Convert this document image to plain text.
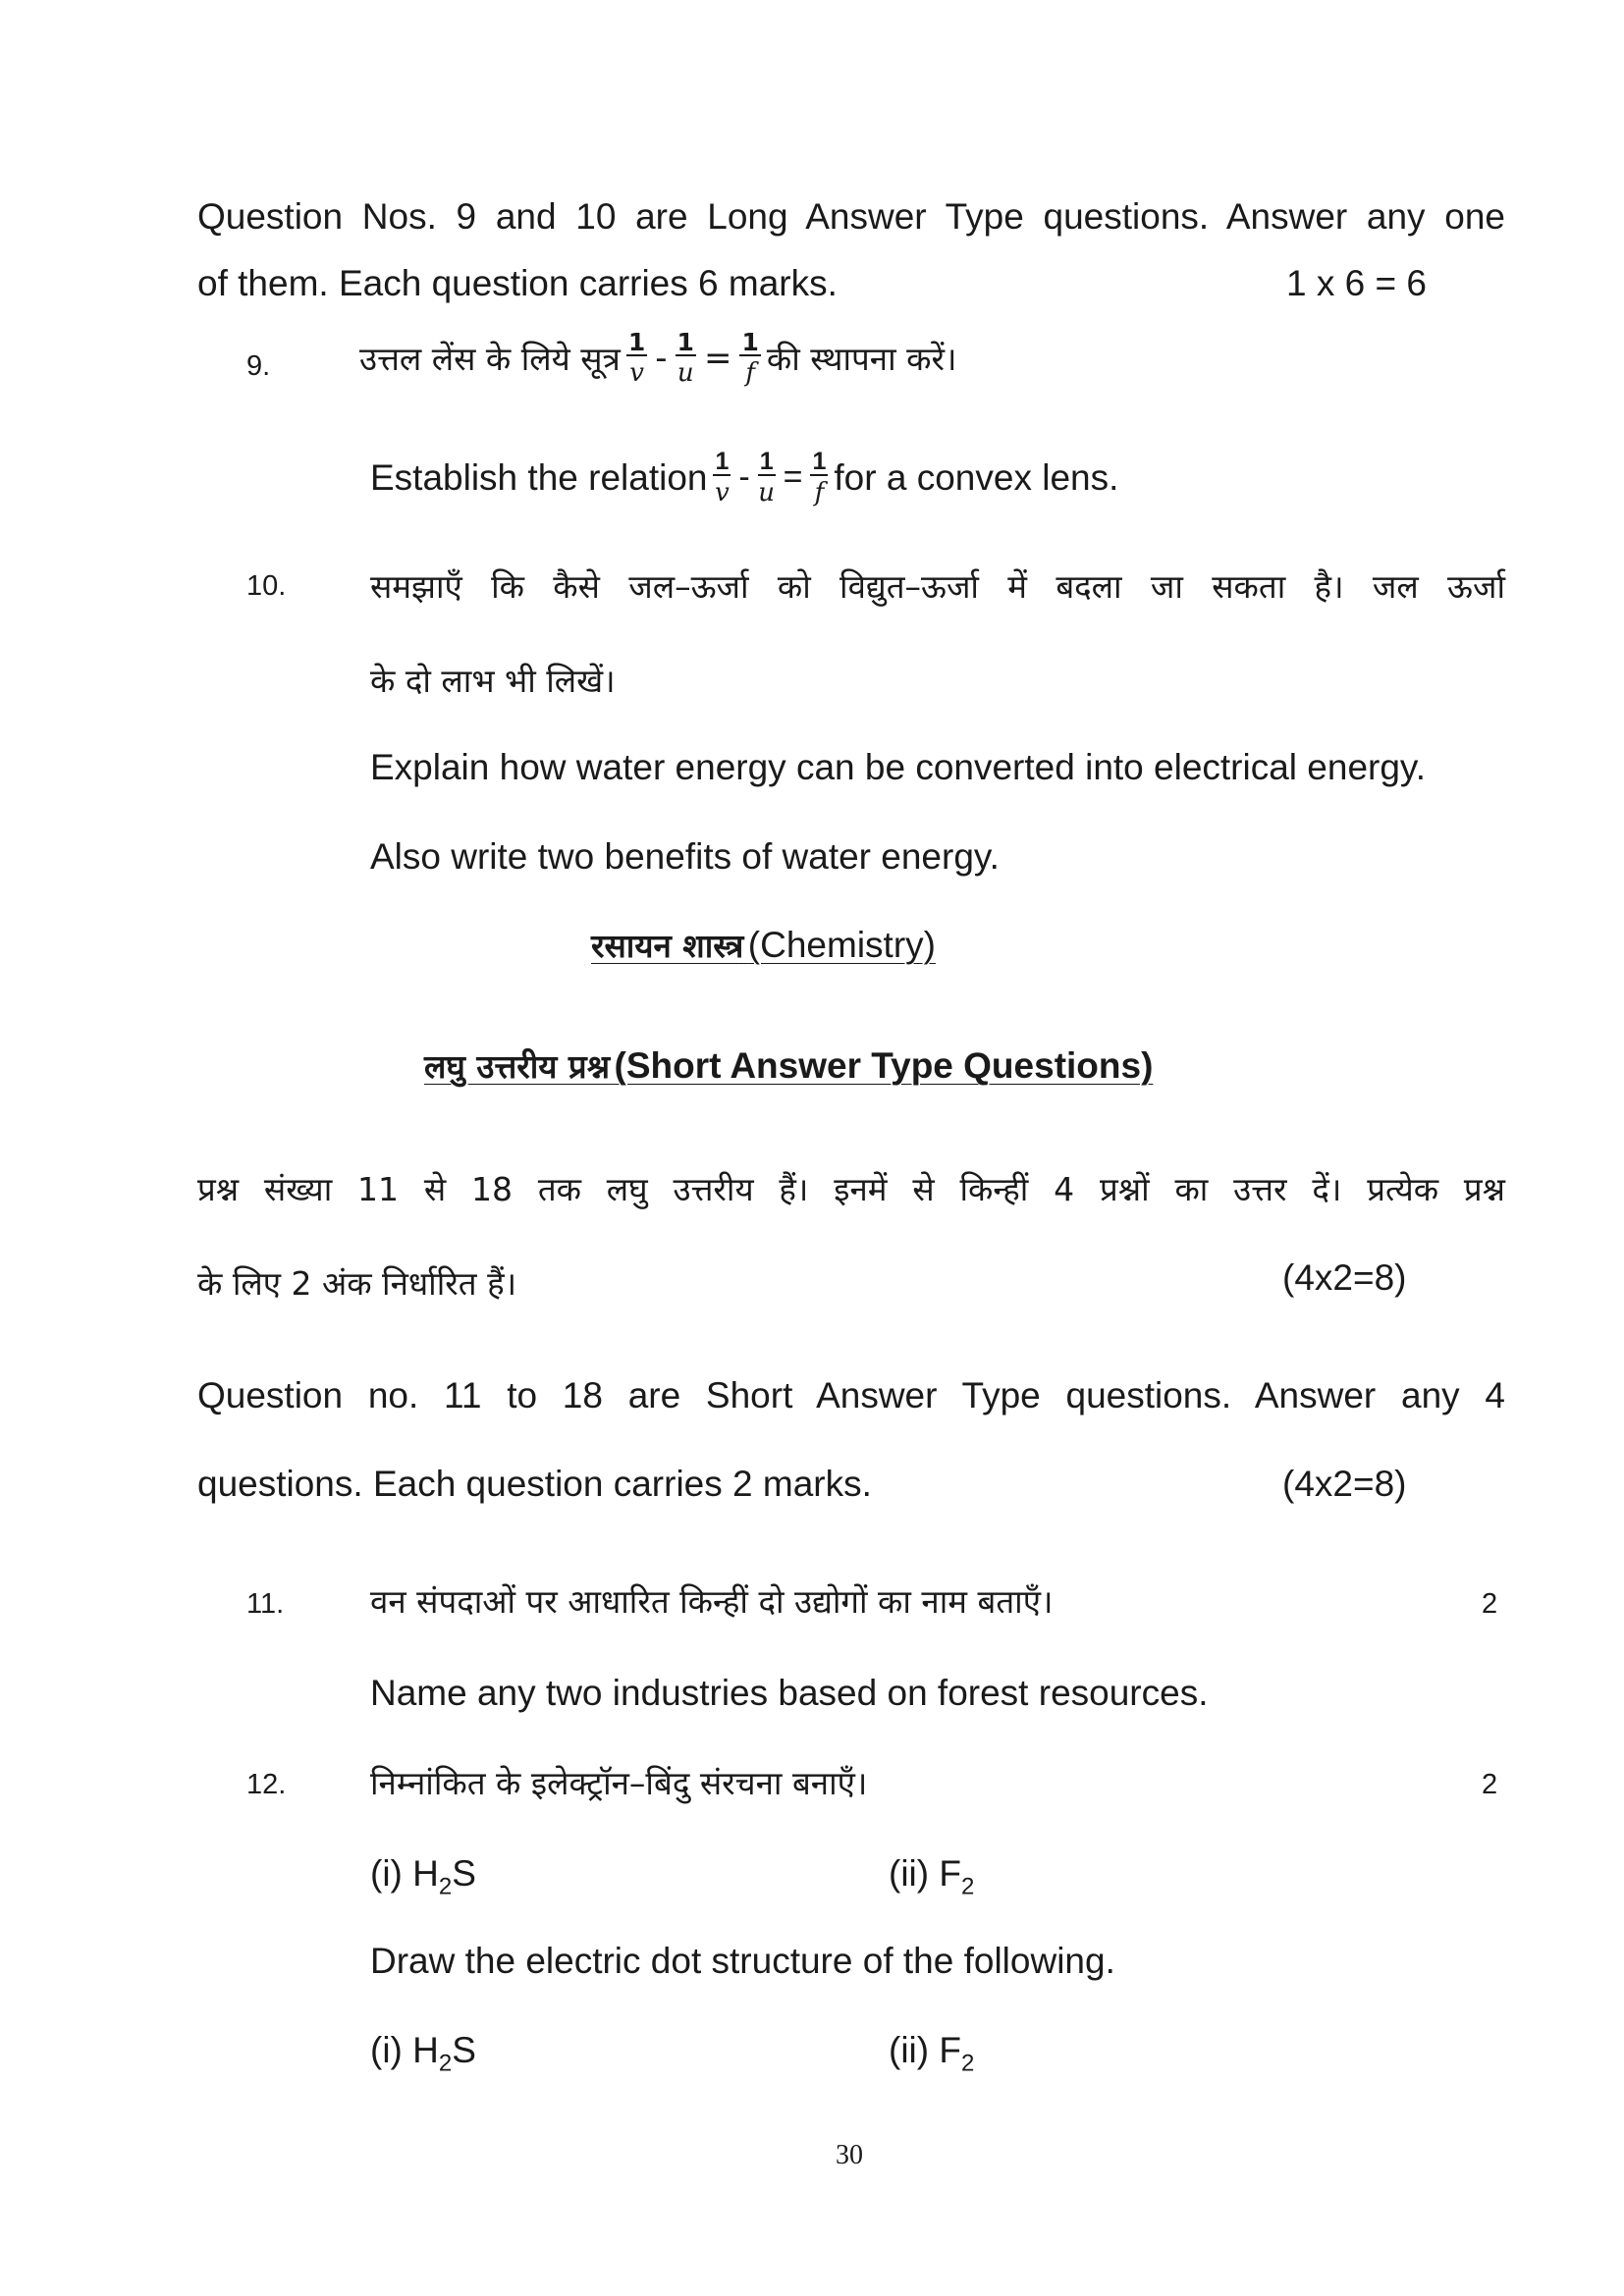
Question Nos. 9 and 10 are Long Answer Type questions. Answer any one
of them. Each question carries 6 marks.	1 x 6 = 6
9.	उत्तल लेंस के लिये सूत्र $\frac{1}{v} - \frac{1}{u} = \frac{1}{f}$ की स्थापना करें।
Establish the relation $\frac{1}{v} - \frac{1}{u} = \frac{1}{f}$ for a convex lens.
10.	समझाएँ कि कैसे जल–ऊर्जा को विद्युत–ऊर्जा में बदला जा सकता है। जल ऊर्जा
के दो लाभ भी लिखें।
Explain how water energy can be converted into electrical energy.
Also write two benefits of water energy.
रसायन शास्त्र (Chemistry)
लघु उत्तरीय प्रश्न (Short Answer Type Questions)
प्रश्न संख्या 11 से 18 तक लघु उत्तरीय हैं। इनमें से किन्हीं 4 प्रश्नों का उत्तर दें। प्रत्येक प्रश्न
के लिए 2 अंक निर्धारित हैं।	(4x2=8)
Question no. 11 to 18 are Short Answer Type questions. Answer any 4
questions. Each question carries 2 marks.	(4x2=8)
11.	वन संपदाओं पर आधारित किन्हीं दो उद्योगों का नाम बताएँ।	2
Name any two industries based on forest resources.
12.	निम्नांकित के इलेक्ट्रॉन–बिंदु संरचना बनाएँ।	2
(i) $H_2S$	(ii) $F_2$
Draw the electric dot structure of the following.
(i) $H_2S$	(ii) $F_2$
30
